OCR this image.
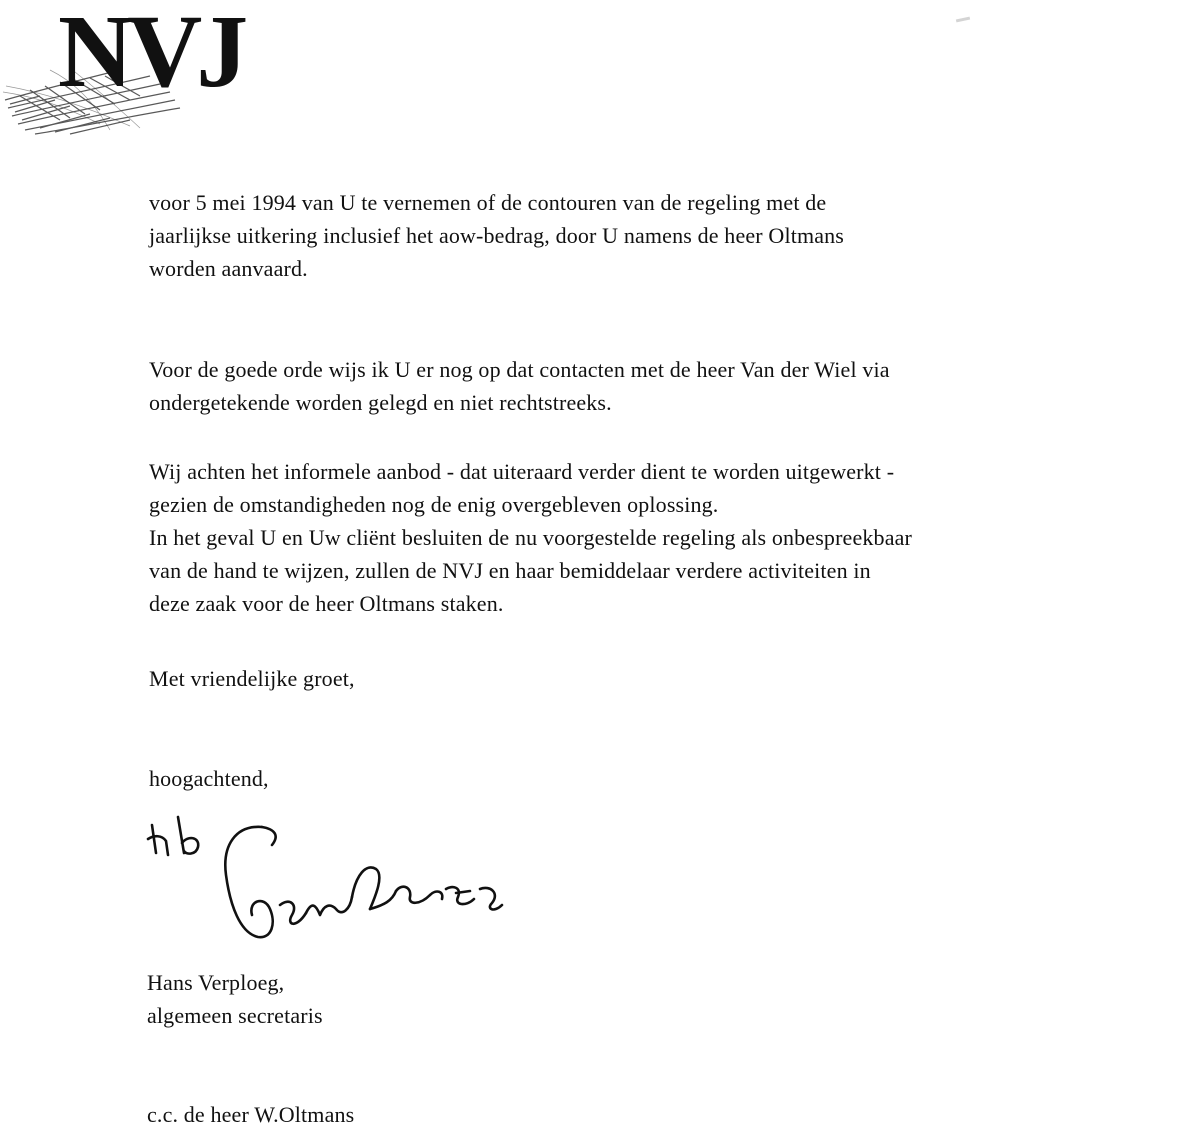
NVJ
voor 5 mei 1994 van U te vernemen of de contouren van de regeling met de
jaarlijkse uitkering inclusief het aow-bedrag, door U namens de heer Oltmans
worden aanvaard.
Voor de goede orde wijs ik U er nog op dat contacten met de heer Van der Wiel via
ondergetekende worden gelegd en niet rechtstreeks.
Wij achten het informele aanbod - dat uiteraard verder dient te worden uitgewerkt -
gezien de omstandigheden nog de enig overgebleven oplossing.
In het geval U en Uw cliënt besluiten de nu voorgestelde regeling als onbespreekbaar
van de hand te wijzen, zullen de NVJ en haar bemiddelaar verdere activiteiten in
deze zaak voor de heer Oltmans staken.
Met vriendelijke groet,
hoogachtend,
Hans Verploeg,
algemeen secretaris
c.c. de heer W.Oltmans
